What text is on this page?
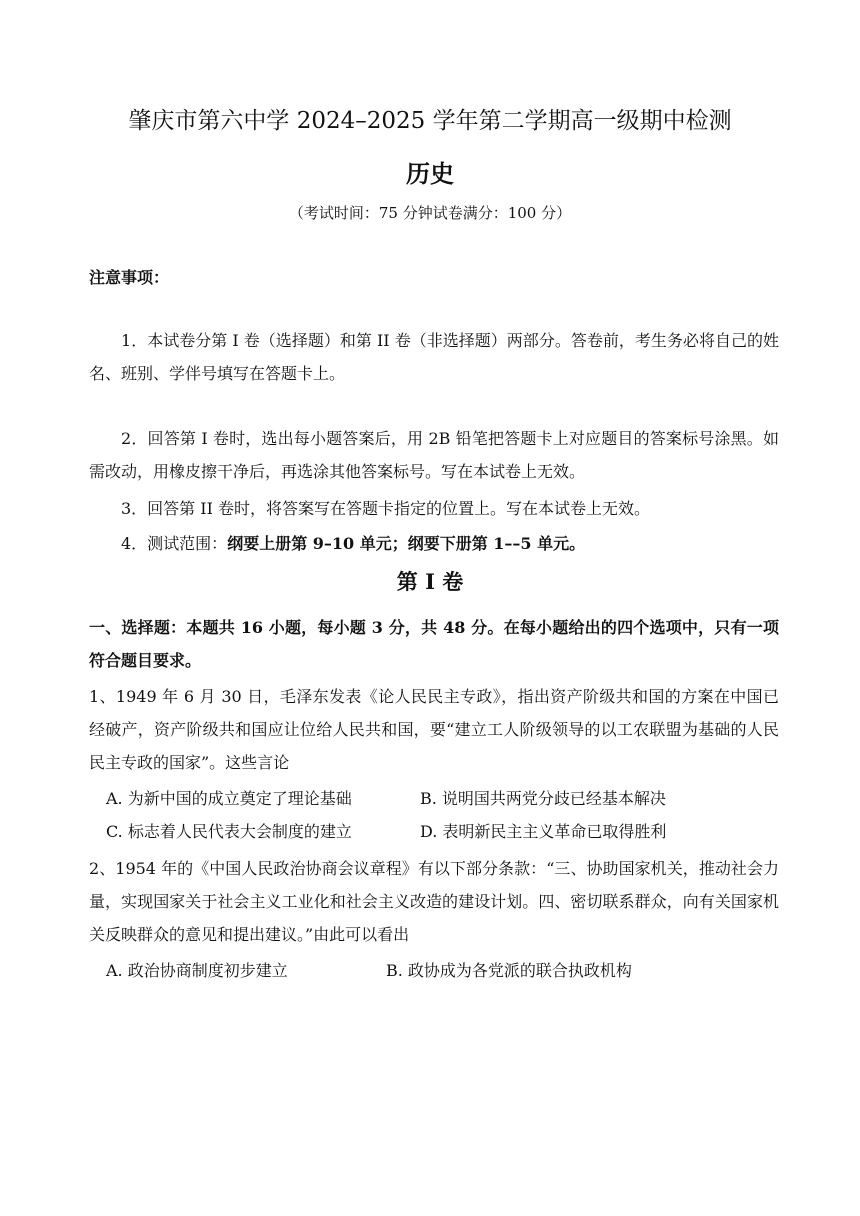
肇庆市第六中学 2024–2025 学年第二学期高一级期中检测
历史
（考试时间：75 分钟试卷满分：100 分）
注意事项：
1．本试卷分第 I 卷（选择题）和第 II 卷（非选择题）两部分。答卷前，考生务必将自己的姓名、班别、学伴号填写在答题卡上。
2．回答第 I 卷时，选出每小题答案后，用 2B 铅笔把答题卡上对应题目的答案标号涂黑。如需改动，用橡皮擦干净后，再选涂其他答案标号。写在本试卷上无效。
3．回答第 II 卷时，将答案写在答题卡指定的位置上。写在本试卷上无效。
4．测试范围：纲要上册第 9–10 单元；纲要下册第 1––5 单元。
第 I 卷
一、选择题：本题共 16 小题，每小题 3 分，共 48 分。在每小题给出的四个选项中，只有一项符合题目要求。
1、1949 年 6 月 30 日，毛泽东发表《论人民民主专政》，指出资产阶级共和国的方案在中国已经破产，资产阶级共和国应让位给人民共和国，要“建立工人阶级领导的以工农联盟为基础的人民民主专政的国家”。这些言论
A. 为新中国的成立奠定了理论基础	B. 说明国共两党分歧已经基本解决
C. 标志着人民代表大会制度的建立	D. 表明新民主主义革命已取得胜利
2、1954 年的《中国人民政治协商会议章程》有以下部分条款：“三、协助国家机关，推动社会力量，实现国家关于社会主义工业化和社会主义改造的建设计划。四、密切联系群众，向有关国家机关反映群众的意见和提出建议。”由此可以看出
A. 政治协商制度初步建立	B. 政协成为各党派的联合执政机构
